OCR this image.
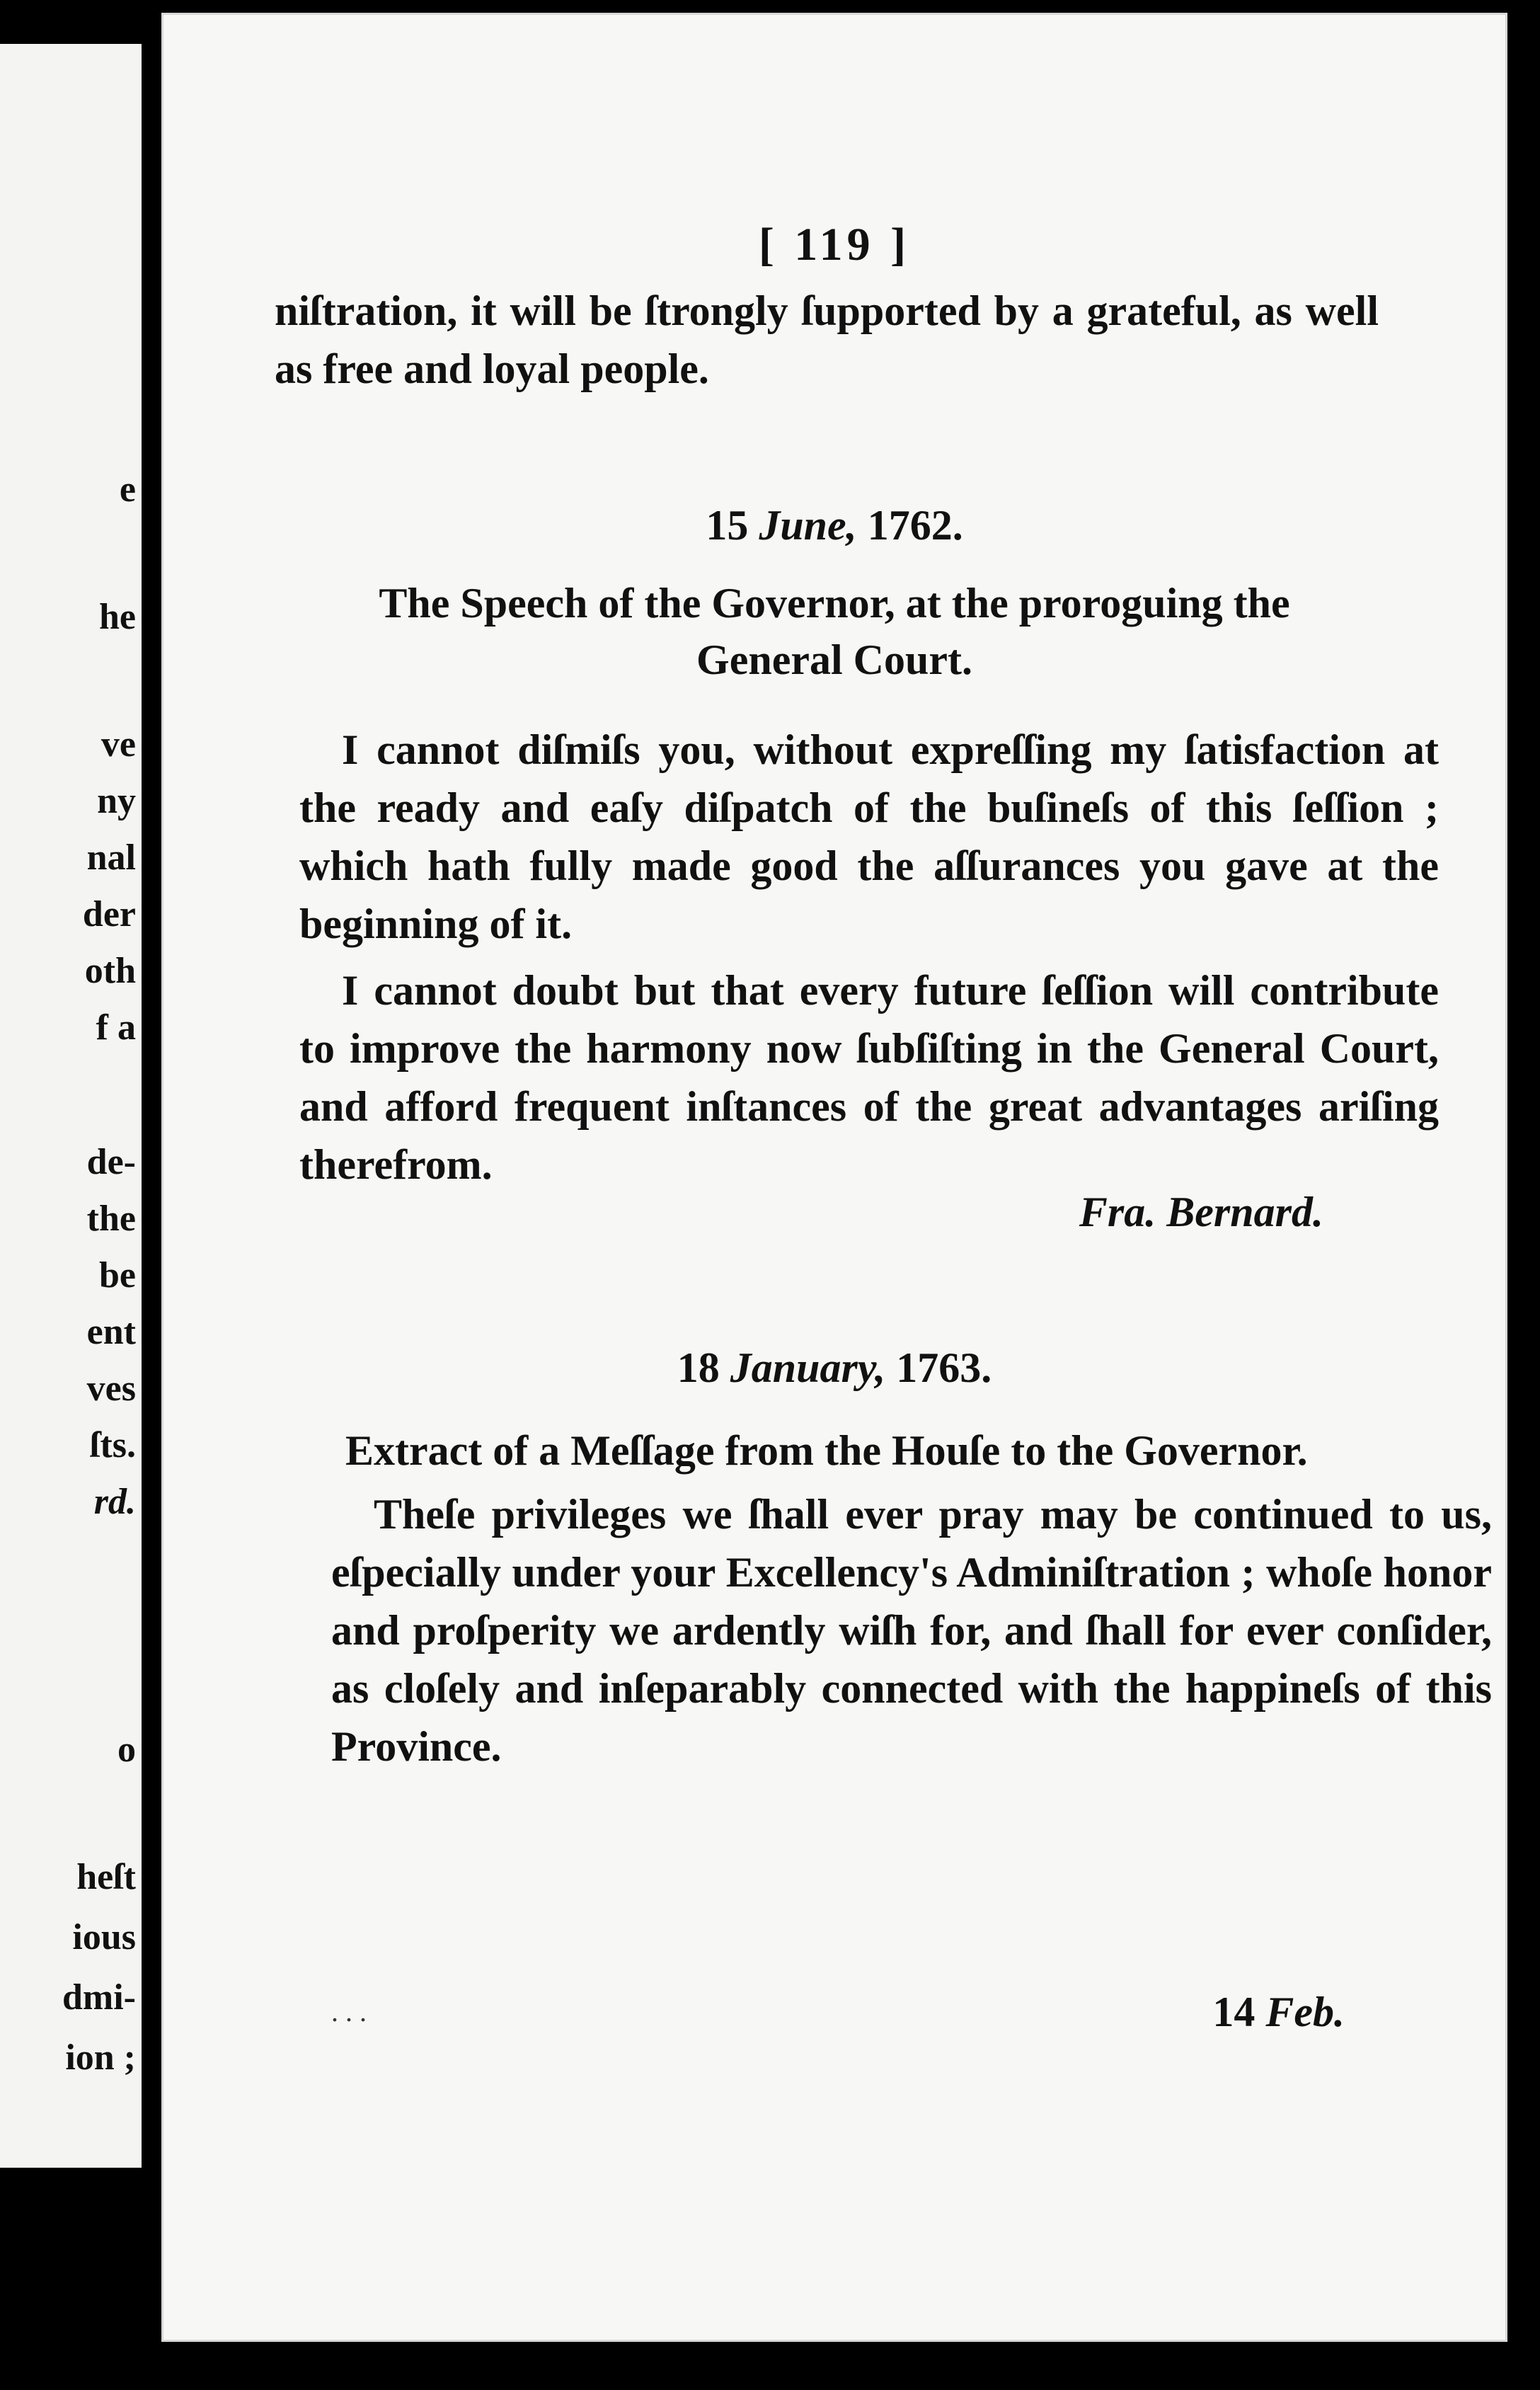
e
he
ve
ny
nal
der
oth
f a
de-
the
be
ent
ves
ſts.
rd.
o
heſt
ious
dmi-
ion ;
[ 119 ]
niſtration, it will be ſtrongly ſupported by a grateful, as well as free and loyal people.
15 June, 1762.
The Speech of the Governor, at the proroguing the
General Court.
I cannot diſmiſs you, without expreſſing my ſatisfaction at the ready and eaſy diſpatch of the buſineſs of this ſeſſion ; which hath fully made good the aſſurances you gave at the beginning of it.
I cannot doubt but that every future ſeſſion will contribute to improve the harmony now ſubſiſting in the General Court, and afford frequent inſtances of the great advantages ariſing therefrom.
Fra. Bernard.
18 January, 1763.
Extract of a Meſſage from the Houſe to the Governor.
Theſe privileges we ſhall ever pray may be continued to us, eſpecially under your Excellency's Adminiſtration ; whoſe honor and proſperity we ardently wiſh for, and ſhall for ever conſider, as cloſely and inſeparably connected with the happineſs of this Province.
. . .	14 Feb.
